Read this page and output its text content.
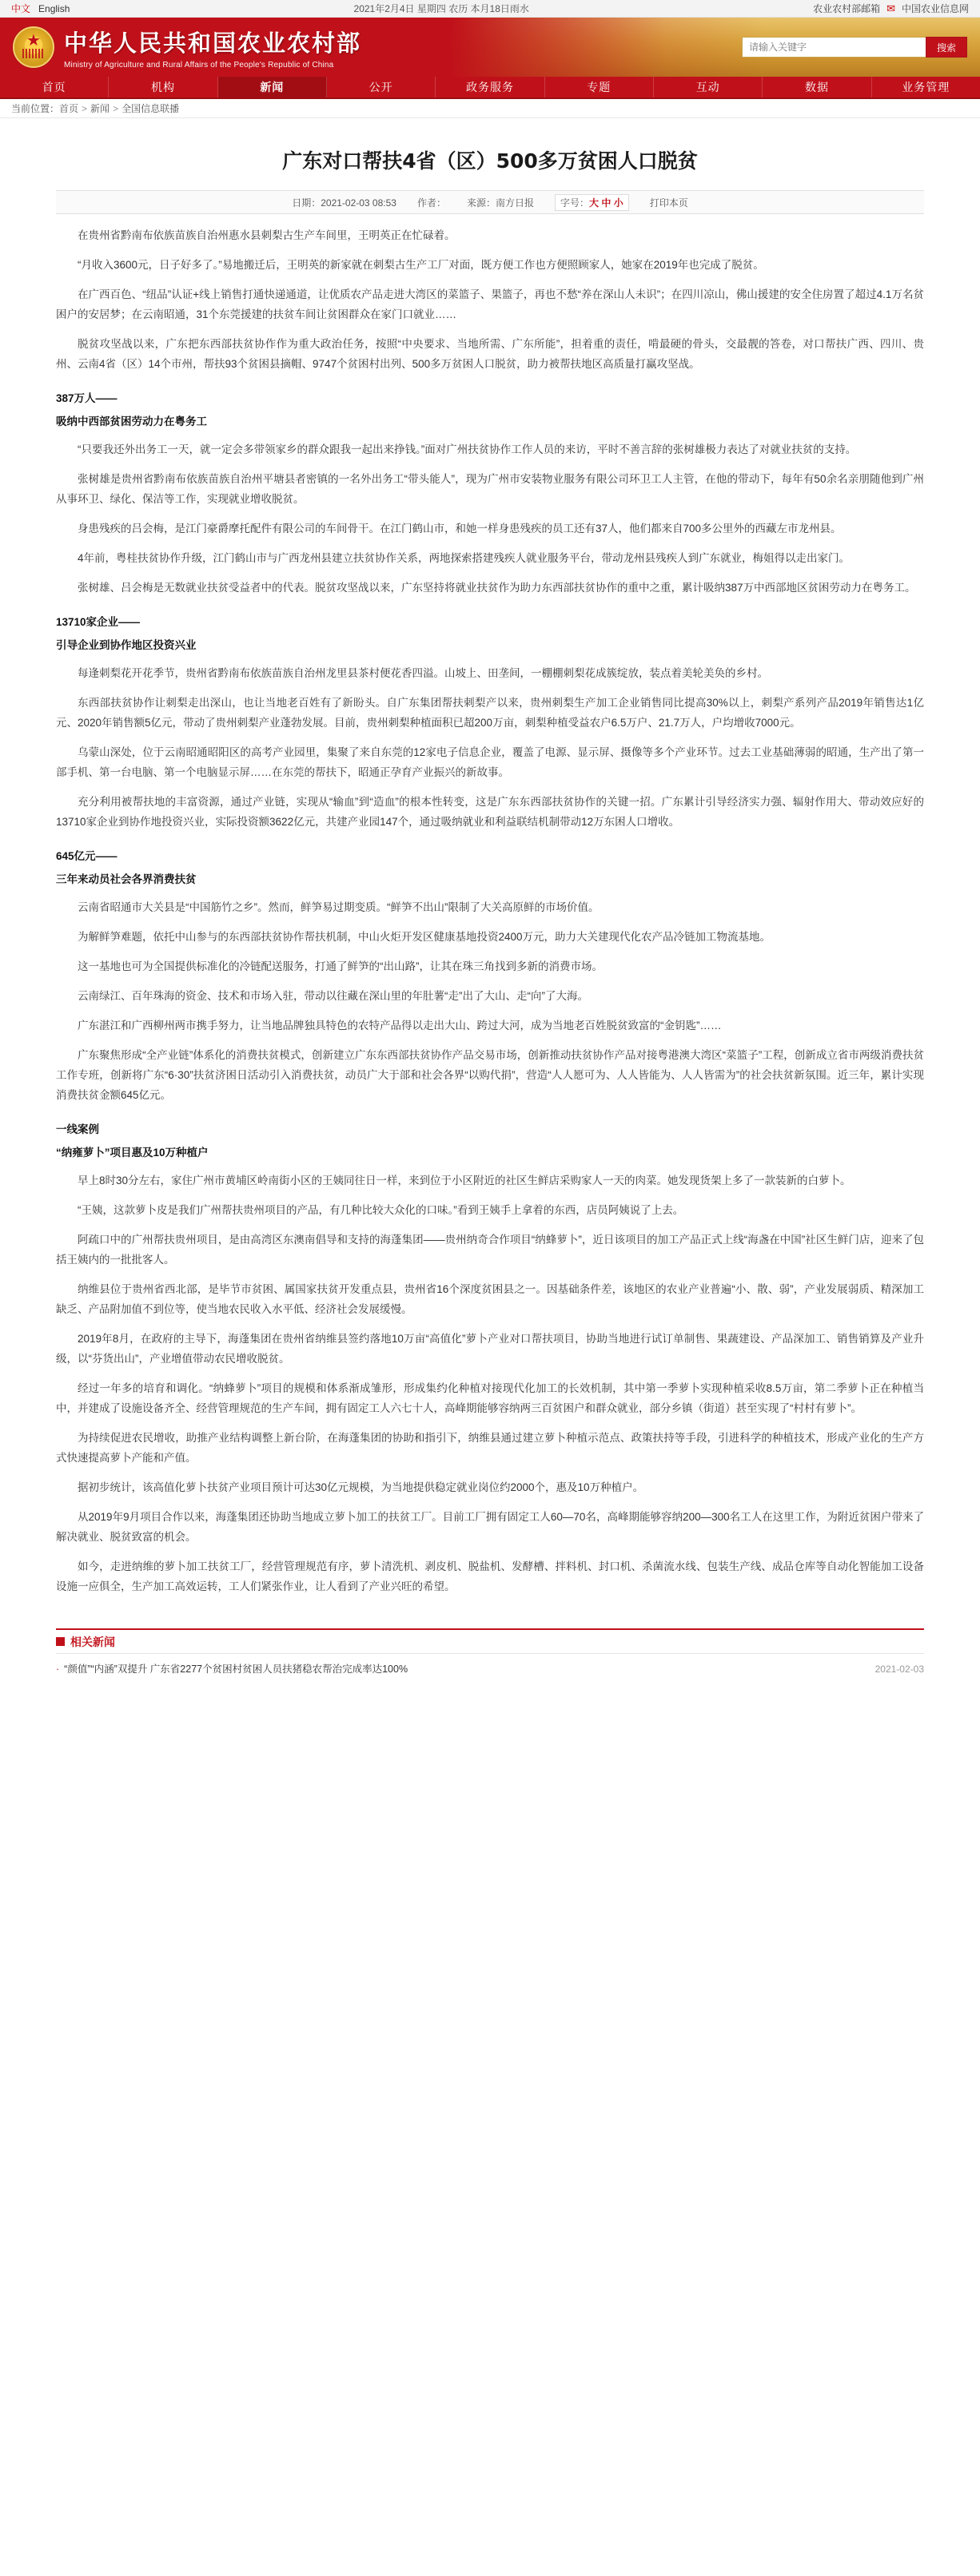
中文 English	2021年2月4日 星期四 农历 本月18日雨水	农业农村部邮箱 ✉ 中国农业信息网
★
中华人民共和国农业农村部
Ministry of Agriculture and Rural Affairs of the People's Republic of China
请输入关键字
搜索
首页	机构	新闻	公开	政务服务	专题	互动	数据	业务管理
当前位置： 首页 > 新闻 > 全国信息联播
广东对口帮扶4省（区）500多万贫困人口脱贫
日期：2021-02-03 08:53 作者： 来源：南方日报	字号：大 中 小	打印本页

在贵州省黔南布依族苗族自治州惠水县刺梨古生产车间里，王明英正在忙碌着。

“月收入3600元，日子好多了。”易地搬迁后，王明英的新家就在刺梨古生产工厂对面，既方便工作也方便照顾家人，她家在2019年也完成了脱贫。

在广西百色、“纽品”认证+线上销售打通快递通道，让优质农产品走进大湾区的菜篮子、果篮子，再也不愁“养在深山人未识”；在四川凉山，佛山援建的安全住房置了超过4.1万名贫困户的安居梦；在云南昭通，31个东莞援建的扶贫车间让贫困群众在家门口就业……

脱贫攻坚战以来，广东把东西部扶贫协作作为重大政治任务，按照“中央要求、当地所需、广东所能”，担着重的责任，啃最硬的骨头，交最靓的答卷，对口帮扶广西、四川、贵州、云南4省（区）14个市州，帮扶93个贫困县摘帽、9747个贫困村出列、500多万贫困人口脱贫，助力被帮扶地区高质量打赢攻坚战。

387万人——

吸纳中西部贫困劳动力在粤务工

“只要我还外出务工一天，就一定会多带领家乡的群众跟我一起出来挣钱。”面对广州扶贫协作工作人员的来访，平时不善言辞的张树雄极力表达了对就业扶贫的支持。

张树雄是贵州省黔南布依族苗族自治州平塘县者密镇的一名外出务工“带头能人”，现为广州市安装物业服务有限公司环卫工人主管，在他的带动下，每年有50余名亲朋随他到广州从事环卫、绿化、保洁等工作，实现就业增收脱贫。

身患残疾的吕会梅，是江门豪爵摩托配件有限公司的车间骨干。在江门鹤山市，和她一样身患残疾的员工还有37人，他们都来自700多公里外的西藏左市龙州县。

4年前，粤桂扶贫协作升级，江门鹤山市与广西龙州县建立扶贫协作关系，两地探索搭建残疾人就业服务平台，带动龙州县残疾人到广东就业，梅姐得以走出家门。

张树雄、吕会梅是无数就业扶贫受益者中的代表。脱贫攻坚战以来，广东坚持将就业扶贫作为助力东西部扶贫协作的重中之重，累计吸纳387万中西部地区贫困劳动力在粤务工。

13710家企业——

引导企业到协作地区投资兴业

每逢刺梨花开花季节，贵州省黔南布依族苗族自治州龙里县茶村便花香四溢。山坡上、田垄间，一棚棚刺梨花成簇绽放，装点着美轮美奂的乡村。

东西部扶贫协作让刺梨走出深山，也让当地老百姓有了新盼头。自广东集团帮扶刺梨产以来，贵州刺梨生产加工企业销售同比提高30%以上，刺梨产系列产品2019年销售达1亿元、2020年销售额5亿元，带动了贵州刺梨产业蓬勃发展。目前，贵州刺梨种植面积已超200万亩，刺梨种植受益农户6.5万户、21.7万人，户均增收7000元。

乌蒙山深处，位于云南昭通昭阳区的高考产业园里，集聚了来自东莞的12家电子信息企业，覆盖了电源、显示屏、摄像等多个产业环节。过去工业基础薄弱的昭通，生产出了第一部手机、第一台电脑、第一个电脑显示屏……在东莞的帮扶下，昭通正孕育产业振兴的新故事。

充分利用被帮扶地的丰富资源，通过产业链，实现从“输血”到“造血”的根本性转变，这是广东东西部扶贫协作的关键一招。广东累计引导经济实力强、辐射作用大、带动效应好的13710家企业到协作地投资兴业，实际投资额3622亿元，共建产业园147个，通过吸纳就业和利益联结机制带动12万东困人口增收。

645亿元——

三年来动员社会各界消费扶贫

云南省昭通市大关县是“中国筋竹之乡”。然而，鲜笋易过期变质。“鲜笋不出山”限制了大关高原鲜的市场价值。

为解鲜笋难题，依托中山参与的东西部扶贫协作帮扶机制，中山火炬开发区健康基地投资2400万元，助力大关建现代化农产品冷链加工物流基地。

这一基地也可为全国提供标准化的冷链配送服务，打通了鲜笋的“出山路”，让其在珠三角找到多新的消费市场。

云南绿江、百年珠海的资金、技术和市场入驻，带动以往藏在深山里的年肚薯“走”出了大山、走“向”了大海。

广东湛江和广西柳州两市携手努力，让当地品牌独具特色的农特产品得以走出大山、跨过大河，成为当地老百姓脱贫致富的“金钥匙”……

广东聚焦形成“全产业链”体系化的消费扶贫模式，创新建立广东东西部扶贫协作产品交易市场，创新推动扶贫协作产品对接粤港澳大湾区“菜篮子”工程，创新成立省市两级消费扶贫工作专班，创新将广东“6·30”扶贫济困日活动引入消费扶贫，动员广大于部和社会各界“以购代捐”，营造“人人愿可为、人人皆能为、人人皆需为”的社会扶贫新氛围。近三年，累计实现消费扶贫金额645亿元。

一线案例

“纳雍萝卜”项目惠及10万种植户

早上8时30分左右，家住广州市黄埔区岭南街小区的王姨同往日一样，来到位于小区附近的社区生鲜店采购家人一天的肉菜。她发现货架上多了一款装新的白萝卜。

“王姨，这款萝卜皮是我们广州帮扶贵州项目的产品，有几种比较大众化的口味。”看到王姨手上拿着的东西，店员阿姨说了上去。

阿疏口中的广州帮扶贵州项目，是由高湾区东澳南倡导和支持的海蓬集团——贵州纳奇合作项目“纳蜂萝卜”，近日该项目的加工产品正式上线“海盏在中国”社区生鲜门店，迎来了包括王姨内的一批批客人。

纳维县位于贵州省西北部，是毕节市贫困、属国家扶贫开发重点县，贵州省16个深度贫困县之一。因基础条件差，该地区的农业产业普遍“小、散、弱”，产业发展弱质、精深加工缺乏、产品附加值不到位等，使当地农民收入水平低、经济社会发展缓慢。

2019年8月，在政府的主导下，海蓬集团在贵州省纳维县签约落地10万亩“高值化”萝卜产业对口帮扶项目，协助当地进行试订单制售、果蔬建设、产品深加工、销售销算及产业升级，以“芬货出山”，产业增值带动农民增收脱贫。

经过一年多的培育和调化。“纳蜂萝卜”项目的规模和体系渐成雏形，形成集约化种植对接现代化加工的长效机制，其中第一季萝卜实现种植采收8.5万亩，第二季萝卜正在种植当中，并建成了设施设备齐全、经营管理规范的生产车间，拥有固定工人六七十人，高峰期能够容纳两三百贫困户和群众就业，部分乡镇（街道）甚至实现了“村村有萝卜”。

为持续促进农民增收，助推产业结构调整上新台阶，在海蓬集团的协助和指引下，纳维县通过建立萝卜种植示范点、政策扶持等手段，引进科学的种植技术，形成产业化的生产方式快速提高萝卜产能和产值。

据初步统计，该高值化萝卜扶贫产业项目预计可达30亿元规模，为当地提供稳定就业岗位约2000个，惠及10万种植户。

从2019年9月项目合作以来，海蓬集团还协助当地成立萝卜加工的扶贫工厂。目前工厂拥有固定工人60—70名，高峰期能够容纳200—300名工人在这里工作，为附近贫困户带来了解决就业、脱贫致富的机会。

如今，走进纳维的萝卜加工扶贫工厂，经营管理规范有序，萝卜清洗机、剥皮机、脱盐机、发酵槽、拌料机、封口机、杀菌流水线、包装生产线、成品仓库等自动化智能加工设备设施一应俱全，生产加工高效运转，工人们紧张作业，让人看到了产业兴旺的希望。

相关新闻
· “颜值”“内涵”双提升 广东省2277个贫困村贫困人员扶猪稳农帮治完成率达100%	2021-02-03
